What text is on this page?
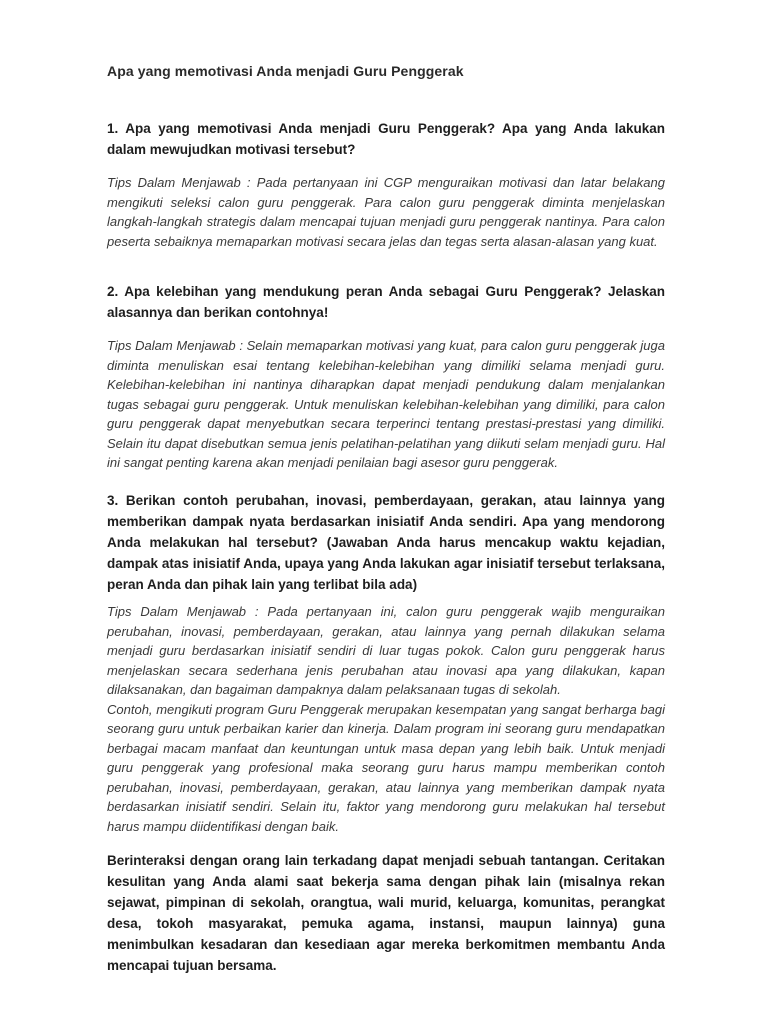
Apa yang memotivasi Anda menjadi Guru Penggerak

1. Apa yang memotivasi Anda menjadi Guru Penggerak? Apa yang Anda lakukan dalam mewujudkan motivasi tersebut?

Tips Dalam Menjawab : Pada pertanyaan ini CGP menguraikan motivasi dan latar belakang mengikuti seleksi calon guru penggerak. Para calon guru penggerak diminta menjelaskan langkah-langkah strategis dalam mencapai tujuan menjadi guru penggerak nantinya. Para calon peserta sebaiknya memaparkan motivasi secara jelas dan tegas serta alasan-alasan yang kuat.

2. Apa kelebihan yang mendukung peran Anda sebagai Guru Penggerak? Jelaskan alasannya dan berikan contohnya!

Tips Dalam Menjawab : Selain memaparkan motivasi yang kuat, para calon guru penggerak juga diminta menuliskan esai tentang kelebihan-kelebihan yang dimiliki selama menjadi guru. Kelebihan-kelebihan ini nantinya diharapkan dapat menjadi pendukung dalam menjalankan tugas sebagai guru penggerak. Untuk menuliskan kelebihan-kelebihan yang dimiliki, para calon guru penggerak dapat menyebutkan secara terperinci tentang prestasi-prestasi yang dimiliki. Selain itu dapat disebutkan semua jenis pelatihan-pelatihan yang diikuti selam menjadi guru. Hal ini sangat penting karena akan menjadi penilaian bagi asesor guru penggerak.

3. Berikan contoh perubahan, inovasi, pemberdayaan, gerakan, atau lainnya yang memberikan dampak nyata berdasarkan inisiatif Anda sendiri. Apa yang mendorong Anda melakukan hal tersebut? (Jawaban Anda harus mencakup waktu kejadian, dampak atas inisiatif Anda, upaya yang Anda lakukan agar inisiatif tersebut terlaksana, peran Anda dan pihak lain yang terlibat bila ada)

Tips Dalam Menjawab : Pada pertanyaan ini, calon guru penggerak wajib menguraikan perubahan, inovasi, pemberdayaan, gerakan, atau lainnya yang pernah dilakukan selama menjadi guru berdasarkan inisiatif sendiri di luar tugas pokok. Calon guru penggerak harus menjelaskan secara sederhana jenis perubahan atau inovasi apa yang dilakukan, kapan dilaksanakan, dan bagaiman dampaknya dalam pelaksanaan tugas di sekolah.

Contoh, mengikuti program Guru Penggerak merupakan kesempatan yang sangat berharga bagi seorang guru untuk perbaikan karier dan kinerja. Dalam program ini seorang guru mendapatkan berbagai macam manfaat dan keuntungan untuk masa depan yang lebih baik. Untuk menjadi guru penggerak yang profesional maka seorang guru harus mampu memberikan contoh perubahan, inovasi, pemberdayaan, gerakan, atau lainnya yang memberikan dampak nyata berdasarkan inisiatif sendiri. Selain itu, faktor yang mendorong guru melakukan hal tersebut harus mampu diidentifikasi dengan baik.

Berinteraksi dengan orang lain terkadang dapat menjadi sebuah tantangan. Ceritakan kesulitan yang Anda alami saat bekerja sama dengan pihak lain (misalnya rekan sejawat, pimpinan di sekolah, orangtua, wali murid, keluarga, komunitas, perangkat desa, tokoh masyarakat, pemuka agama, instansi, maupun lainnya) guna menimbulkan kesadaran dan kesediaan agar mereka berkomitmen membantu Anda mencapai tujuan bersama.
